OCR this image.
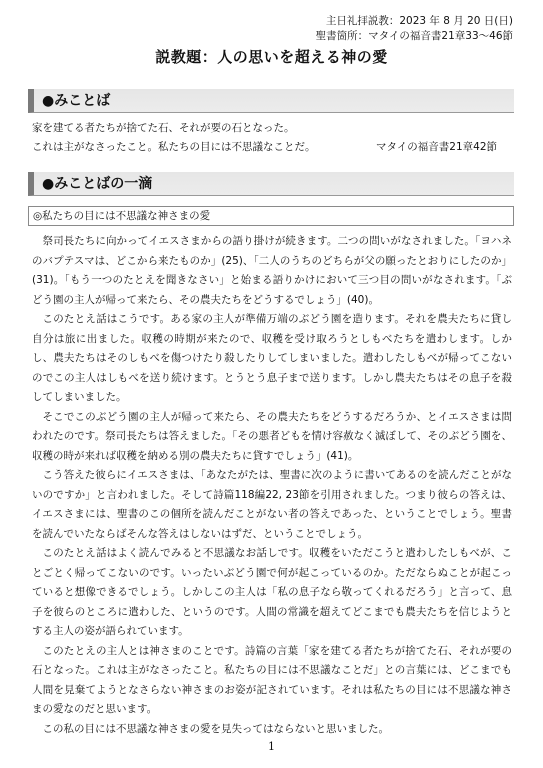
主日礼拝説教：2023 年 8 月 20 日(日)
聖書箇所：マタイの福音書21章33～46節
説教題：人の思いを超える神の愛
●みことば
家を建てる者たちが捨てた石、それが要の石となった。
これは主がなさったこと。私たちの目には不思議なことだ。	マタイの福音書21章42節
●みことばの一滴
◎私たちの目には不思議な神さまの愛

祭司長たちに向かってイエスさまからの語り掛けが続きます。二つの問いがなされました。「ヨハネのバプテスマは、どこから来たものか」(25)、「二人のうちのどちらが父の願ったとおりにしたのか」(31)。「もう一つのたとえを聞きなさい」と始まる語りかけにおいて三つ目の問いがなされます。「ぶどう園の主人が帰って来たら、その農夫たちをどうするでしょう」(40)。

このたとえ話はこうです。ある家の主人が準備万端のぶどう園を造ります。それを農夫たちに貸し自分は旅に出ました。収穫の時期が来たので、収穫を受け取ろうとしもべたちを遣わします。しかし、農夫たちはそのしもべを傷つけたり殺したりしてしまいました。遣わしたしもべが帰ってこないのでこの主人はしもべを送り続けます。とうとう息子まで送ります。しかし農夫たちはその息子を殺してしまいました。

そこでこのぶどう園の主人が帰って来たら、その農夫たちをどうするだろうか、とイエスさまは問われたのです。祭司長たちは答えました。「その悪者どもを情け容赦なく滅ぼして、そのぶどう園を、収穫の時が来れば収穫を納める別の農夫たちに貸すでしょう」(41)。

こう答えた彼らにイエスさまは、「あなたがたは、聖書に次のように書いてあるのを読んだことがないのですか」と言われました。そして詩篇118編22, 23節を引用されました。つまり彼らの答えは、イエスさまには、聖書のこの個所を読んだことがない者の答えであった、ということでしょう。聖書を読んでいたならばそんな答えはしないはずだ、ということでしょう。

このたとえ話はよく読んでみると不思議なお話しです。収穫をいただこうと遣わしたしもべが、ことごとく帰ってこないのです。いったいぶどう園で何が起こっているのか。ただならぬことが起こっていると想像できるでしょう。しかしこの主人は「私の息子なら敬ってくれるだろう」と言って、息子を彼らのところに遣わした、というのです。人間の常識を超えてどこまでも農夫たちを信じようとする主人の姿が語られています。

このたとえの主人とは神さまのことです。詩篇の言葉「家を建てる者たちが捨てた石、それが要の石となった。これは主がなさったこと。私たちの目には不思議なことだ」との言葉には、どこまでも人間を見棄てようとなさらない神さまのお姿が記されています。それは私たちの目には不思議な神さまの愛なのだと思います。

この私の目には不思議な神さまの愛を見失ってはならないと思いました。

1
